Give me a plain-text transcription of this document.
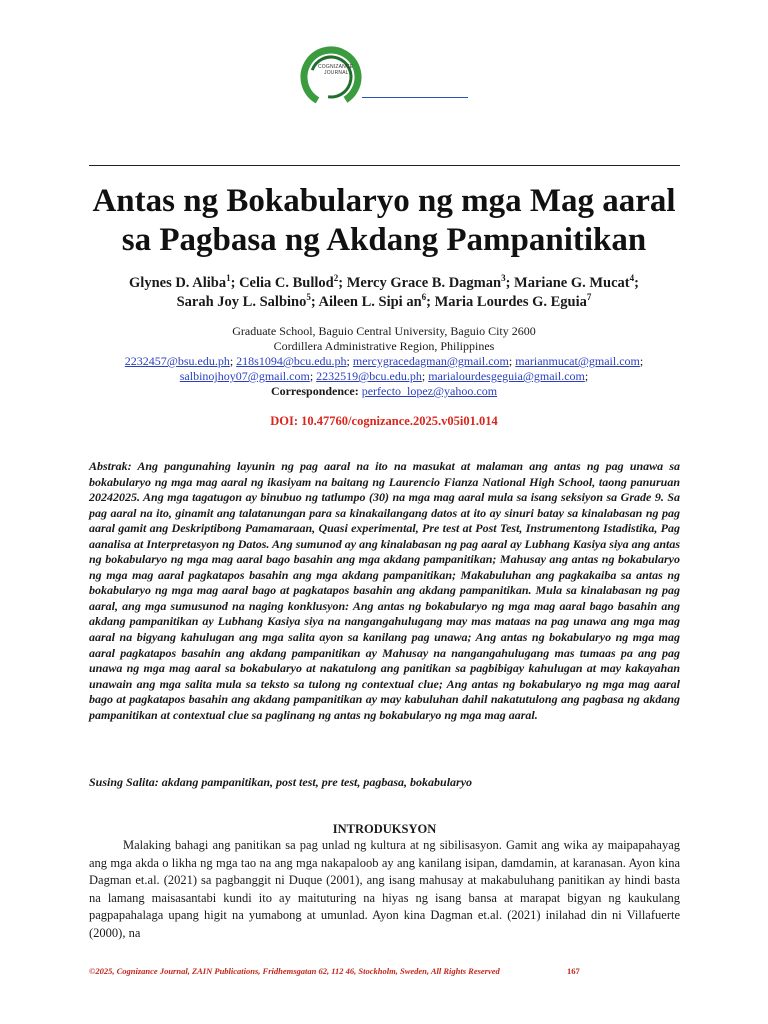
COGNIZANCE
JOURNAL
Antas ng Bokabularyo ng mga Mag aaral
sa Pagbasa ng Akdang Pampanitikan
Glynes D. Aliba$^1$; Celia C. Bullod$^2$; Mercy Grace B. Dagman$^3$; Mariane G. Mucat$^4$;
Sarah Joy L. Salbino$^5$; Aileen L. Sipi $an^6$; Maria Lourdes G. Eguia$^7$
Graduate School, Baguio Central University, Baguio City 2600
Cordillera Administrative Region, Philippines
2232457@bsu.edu.ph; 218s1094@bcu.edu.ph; mercygracedagman@gmail.com; marianmucat@gmail.com;
salbinojhoy07@gmail.com; 2232519@bcu.edu.ph; marialourdesgeguia@gmail.com;
Correspondence: perfecto_lopez@yahoo.com
DOI: 10.47760/cognizance.2025.v05i01.014
Abstrak: Ang pangunahing layunin ng pag aaral na ito na masukat at malaman ang antas ng pag unawa sa bokabularyo ng mga mag aaral ng ikasiyam na baitang ng Laurencio Fianza National High School, taong panuruan 20242025. Ang mga tagatugon ay binubuo ng tatlumpo (30) na mga mag aaral mula sa isang seksiyon sa Grade 9. Sa pag aaral na ito, ginamit ang talatanungan para sa kinakailangang datos at ito ay sinuri batay sa kinalabasan ng pag aaral gamit ang Deskriptibong Pamamaraan, Quasi experimental, Pre test at Post Test, Instrumentong Istadistika, Pag aanalisa at Interpretasyon ng Datos. Ang sumunod ay ang kinalabasan ng pag aaral ay Lubhang Kasiya siya ang antas ng bokabularyo ng mga mag aaral bago basahin ang mga akdang pampanitikan; Mahusay ang antas ng bokabularyo ng mga mag aaral pagkatapos basahin ang mga akdang pampanitikan; Makabuluhan ang pagkakaiba sa antas ng bokabularyo ng mga mag aaral bago at pagkatapos basahin ang akdang pampanitikan. Mula sa kinalabasan ng pag aaral, ang mga sumusunod na naging konklusyon: Ang antas ng bokabularyo ng mga mag aaral bago basahin ang akdang pampanitikan ay Lubhang Kasiya siya na nangangahulugang may mas mataas na pag unawa ang mga mag aaral na bigyang kahulugan ang mga salita ayon sa kanilang pag unawa; Ang antas ng bokabularyo ng mga mag aaral pagkatapos basahin ang akdang pampanitikan ay Mahusay na nangangahulugang mas tumaas pa ang pag unawa ng mga mag aaral sa bokabularyo at nakatulong ang panitikan sa pagbibigay kahulugan at may kakayahan unawain ang mga salita mula sa teksto sa tulong ng contextual clue; Ang antas ng bokabularyo ng mga mag aaral bago at pagkatapos basahin ang akdang pampanitikan ay may kabuluhan dahil nakatutulong ang pagbasa ng akdang pampanitikan at contextual clue sa paglinang ng antas ng bokabularyo ng mga mag aaral.
Susing Salita: akdang pampanitikan, post test, pre test, pagbasa, bokabularyo
INTRODUKSYON
Malaking bahagi ang panitikan sa pag unlad ng kultura at ng sibilisasyon. Gamit ang wika ay maipapahayag ang mga akda o likha ng mga tao na ang mga nakapaloob ay ang kanilang isipan, damdamin, at karanasan. Ayon kina Dagman et.al. (2021) sa pagbanggit ni Duque (2001), ang isang mahusay at makabuluhang panitikan ay hindi basta na lamang maisasantabi kundi ito ay maituturing na hiyas ng isang bansa at marapat bigyan ng kaukulang pagpapahalaga upang higit na yumabong at umunlad. Ayon kina Dagman et.al. (2021) inilahad din ni Villafuerte (2000), na
©2025, Cognizance Journal, ZAIN Publications, Fridhemsgatan 62, 112 46, Stockholm, Sweden, All Rights Reserved	167
